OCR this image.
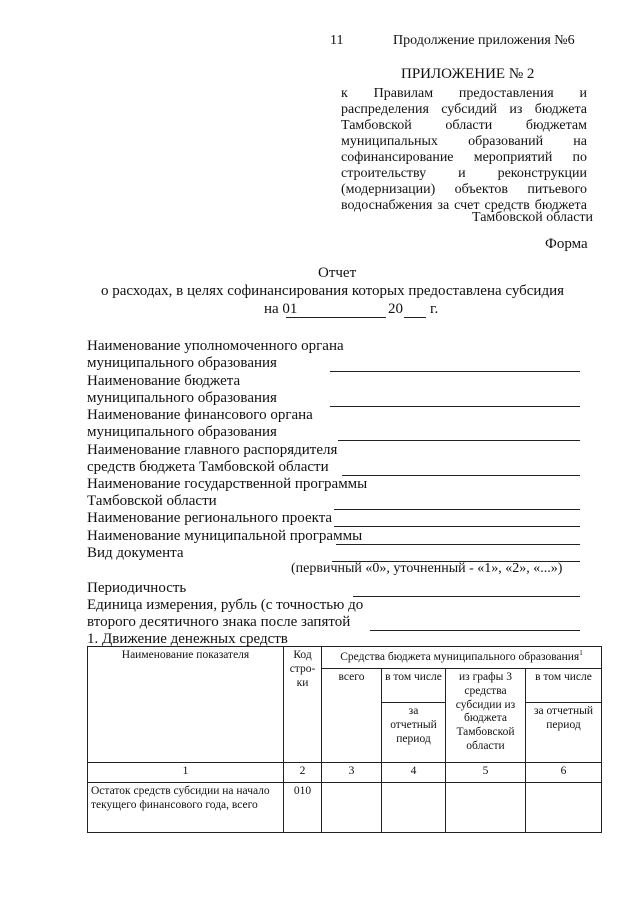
11	Продолжение приложения №6
ПРИЛОЖЕНИЕ № 2
к Правилам предоставления и
распределения субсидий из бюджета
Тамбовской области бюджетам
муниципальных образований на
софинансирование мероприятий по
строительству и реконструкции
(модернизации) объектов питьевого
водоснабжения за счет средств бюджета
Тамбовской области
Форма
Отчет
о расходах, в целях софинансирования которых предоставлена субсидия
на 01	20 г.
Наименование уполномоченного органа
муниципального образования
Наименование бюджета
муниципального образования
Наименование финансового органа
муниципального образования
Наименование главного распорядителя
средств бюджета Тамбовской области
Наименование государственной программы
Тамбовской области
Наименование регионального проекта
Наименование муниципальной программы
Вид документа
(первичный «0», уточненный - «1», «2», «...»)
Периодичность
Единица измерения, рубль (с точностью до
второго десятичного знака после запятой
1. Движение денежных средств
Наименование показателя	Код стро- ки	Средства бюджета муниципального образования$^1$
		всего	в том числе	из графы 3 средства субсидии из бюджета Тамбовской области	в том числе
			за отчетный период		за отчетный период
1	2	3	4	5	6
Остаток средств субсидии на начало текущего финансового года, всего	010				
